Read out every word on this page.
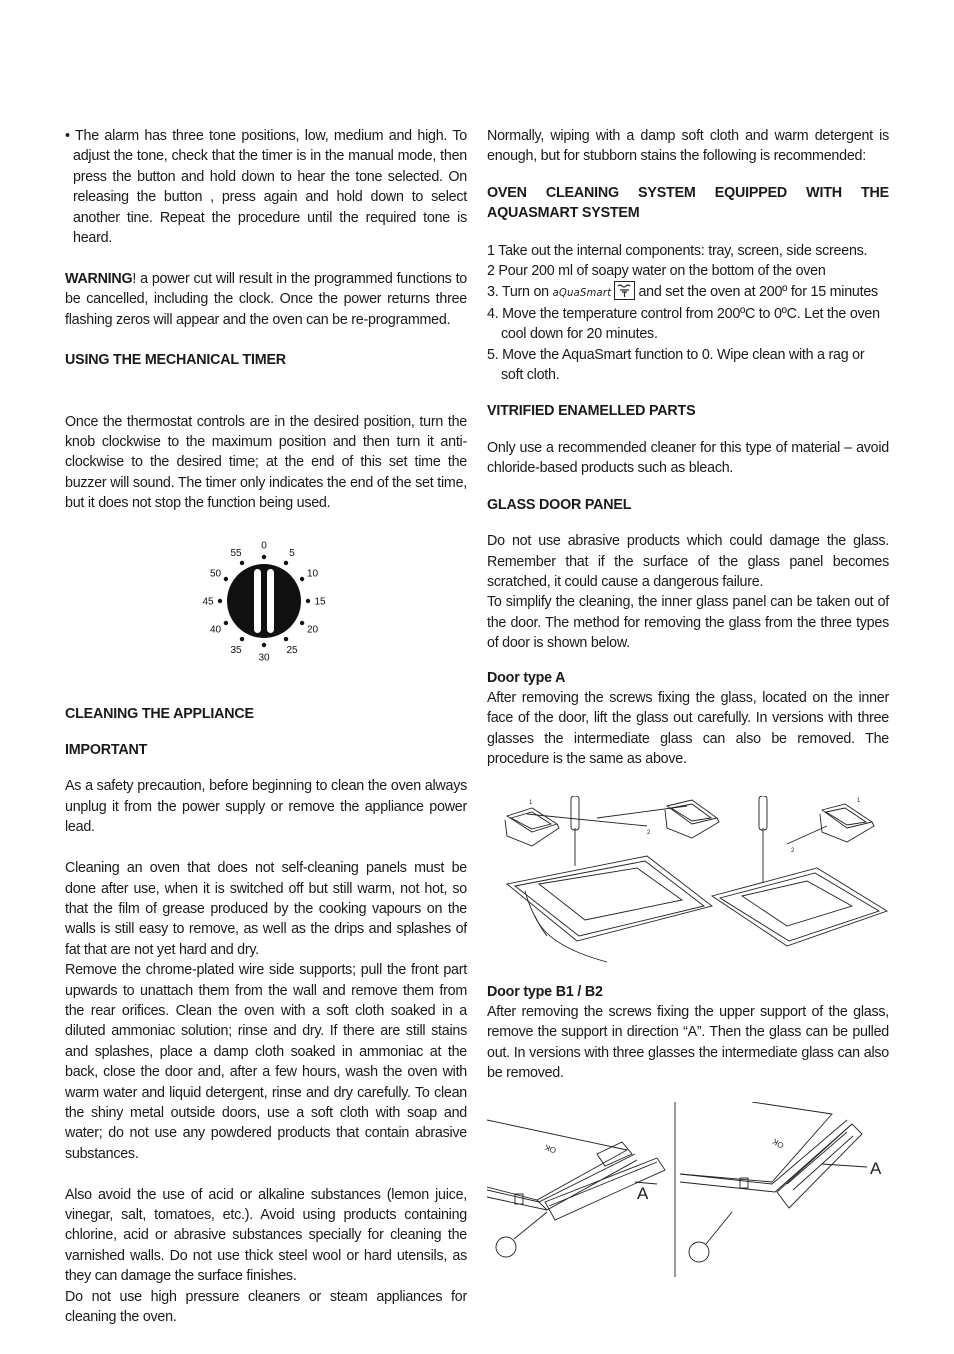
• The alarm has three tone positions, low, medium and high. To adjust the tone, check that the timer is in the manual mode, then press the button and hold down to hear the tone selected. On releasing the button , press again and hold down to select another tine. Repeat the procedure until the required tone is heard.

WARNING! a power cut will result in the programmed functions to be cancelled, including the clock. Once the power returns three flashing zeros will appear and the oven can be re-programmed.

USING THE MECHANICAL TIMER

Once the thermostat controls are in the desired position, turn the knob clockwise to the maximum position and then turn it anti-clockwise to the desired time; at the end of this set time the buzzer will sound. The timer only indicates the end of the set time, but it does not stop the function being used.

0
5
10
15
20
25
30
35
40
45
50
55

CLEANING THE APPLIANCE

IMPORTANT

As a safety precaution, before beginning to clean the oven always unplug it from the power supply or remove the appliance power lead.

Cleaning an oven that does not self-cleaning panels must be done after use, when it is switched off but still warm, not hot, so that the film of grease produced by the cooking vapours on the walls is still easy to remove, as well as the drips and splashes of fat that are not yet hard and dry.

Remove the chrome-plated wire side supports; pull the front part upwards to unattach them from the wall and remove them from the rear orifices. Clean the oven with a soft cloth soaked in a diluted ammoniac solution; rinse and dry. If there are still stains and splashes, place a damp cloth soaked in ammoniac at the back, close the door and, after a few hours, wash the oven with warm water and liquid detergent, rinse and dry carefully. To clean the shiny metal outside doors, use a soft cloth with soap and water; do not use any powdered products that contain abrasive substances.

Also avoid the use of acid or alkaline substances (lemon juice, vinegar, salt, tomatoes, etc.). Avoid using products containing chlorine, acid or abrasive substances specially for cleaning the varnished walls. Do not use thick steel wool or hard utensils, as they can damage the surface finishes.

Do not use high pressure cleaners or steam appliances for cleaning the oven.

Normally, wiping with a damp soft cloth and warm detergent is enough, but for stubborn stains the following is recommended:

OVEN CLEANING SYSTEM EQUIPPED WITH THE AQUASMART SYSTEM

1 Take out the internal components: tray, screen, side screens.

2 Pour 200 ml of soapy water on the bottom of the oven

3. Turn on aQuaSmart and set the oven at 200º for 15 minutes

4. Move the temperature control from 200ºC to 0ºC. Let the oven cool down for 20 minutes.

5. Move the AquaSmart function to 0. Wipe clean with a rag or soft cloth.

VITRIFIED ENAMELLED PARTS

Only use a recommended cleaner for this type of material – avoid chloride-based products such as bleach.

GLASS DOOR PANEL

Do not use abrasive products which could damage the glass. Remember that if the surface of the glass panel becomes scratched, it could cause a dangerous failure.

To simplify the cleaning, the inner glass panel can be taken out of the door. The method for removing the glass from the three types of door is shown below.

Door type A

After removing the screws fixing the glass, located on the inner face of the door, lift the glass out carefully. In versions with three glasses the intermediate glass can also be removed. The procedure is the same as above.

1
2
1
2

Door type B1 / B2

After removing the screws fixing the upper support of the glass, remove the support in direction “A”. Then the glass can be pulled out. In versions with three glasses the intermediate glass can also be removed.

A
A
OK	OK
